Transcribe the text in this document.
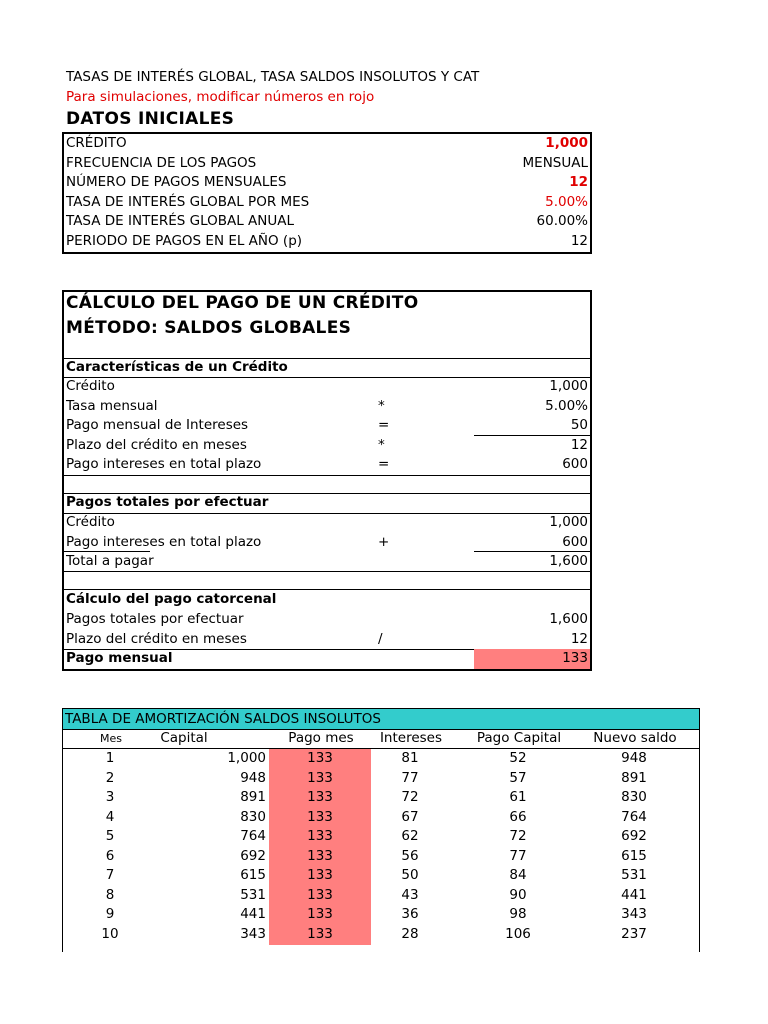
TASAS DE INTERÉS GLOBAL, TASA SALDOS INSOLUTOS Y CAT
Para simulaciones, modificar números en rojo
DATOS INICIALES
CRÉDITO	1,000
FRECUENCIA DE LOS PAGOS	MENSUAL
NÚMERO DE PAGOS MENSUALES	12
TASA DE INTERÉS GLOBAL POR MES	5.00%
TASA DE INTERÉS GLOBAL ANUAL	60.00%
PERIODO DE PAGOS EN EL AÑO (p)	12
CÁLCULO DEL PAGO DE UN CRÉDITO
MÉTODO: SALDOS GLOBALES
Características de un Crédito
Crédito	1,000
Tasa mensual	*	5.00%
Pago mensual de Intereses	=	50
Plazo del crédito en meses	*	12
Pago intereses en total plazo	=	600
Pagos totales por efectuar
Crédito	1,000
Pago intereses en total plazo	+	600
Total a pagar	1,600
Cálculo del pago catorcenal
Pagos totales por efectuar	1,600
Plazo del crédito en meses	/	12
Pago mensual	133
TABLA DE AMORTIZACIÓN SALDOS INSOLUTOS
Mes	Capital	Pago mes	Intereses	Pago Capital	Nuevo saldo
1	1,000	133	81	52	948
2	948	133	77	57	891
3	891	133	72	61	830
4	830	133	67	66	764
5	764	133	62	72	692
6	692	133	56	77	615
7	615	133	50	84	531
8	531	133	43	90	441
9	441	133	36	98	343
10	343	133	28	106	237
